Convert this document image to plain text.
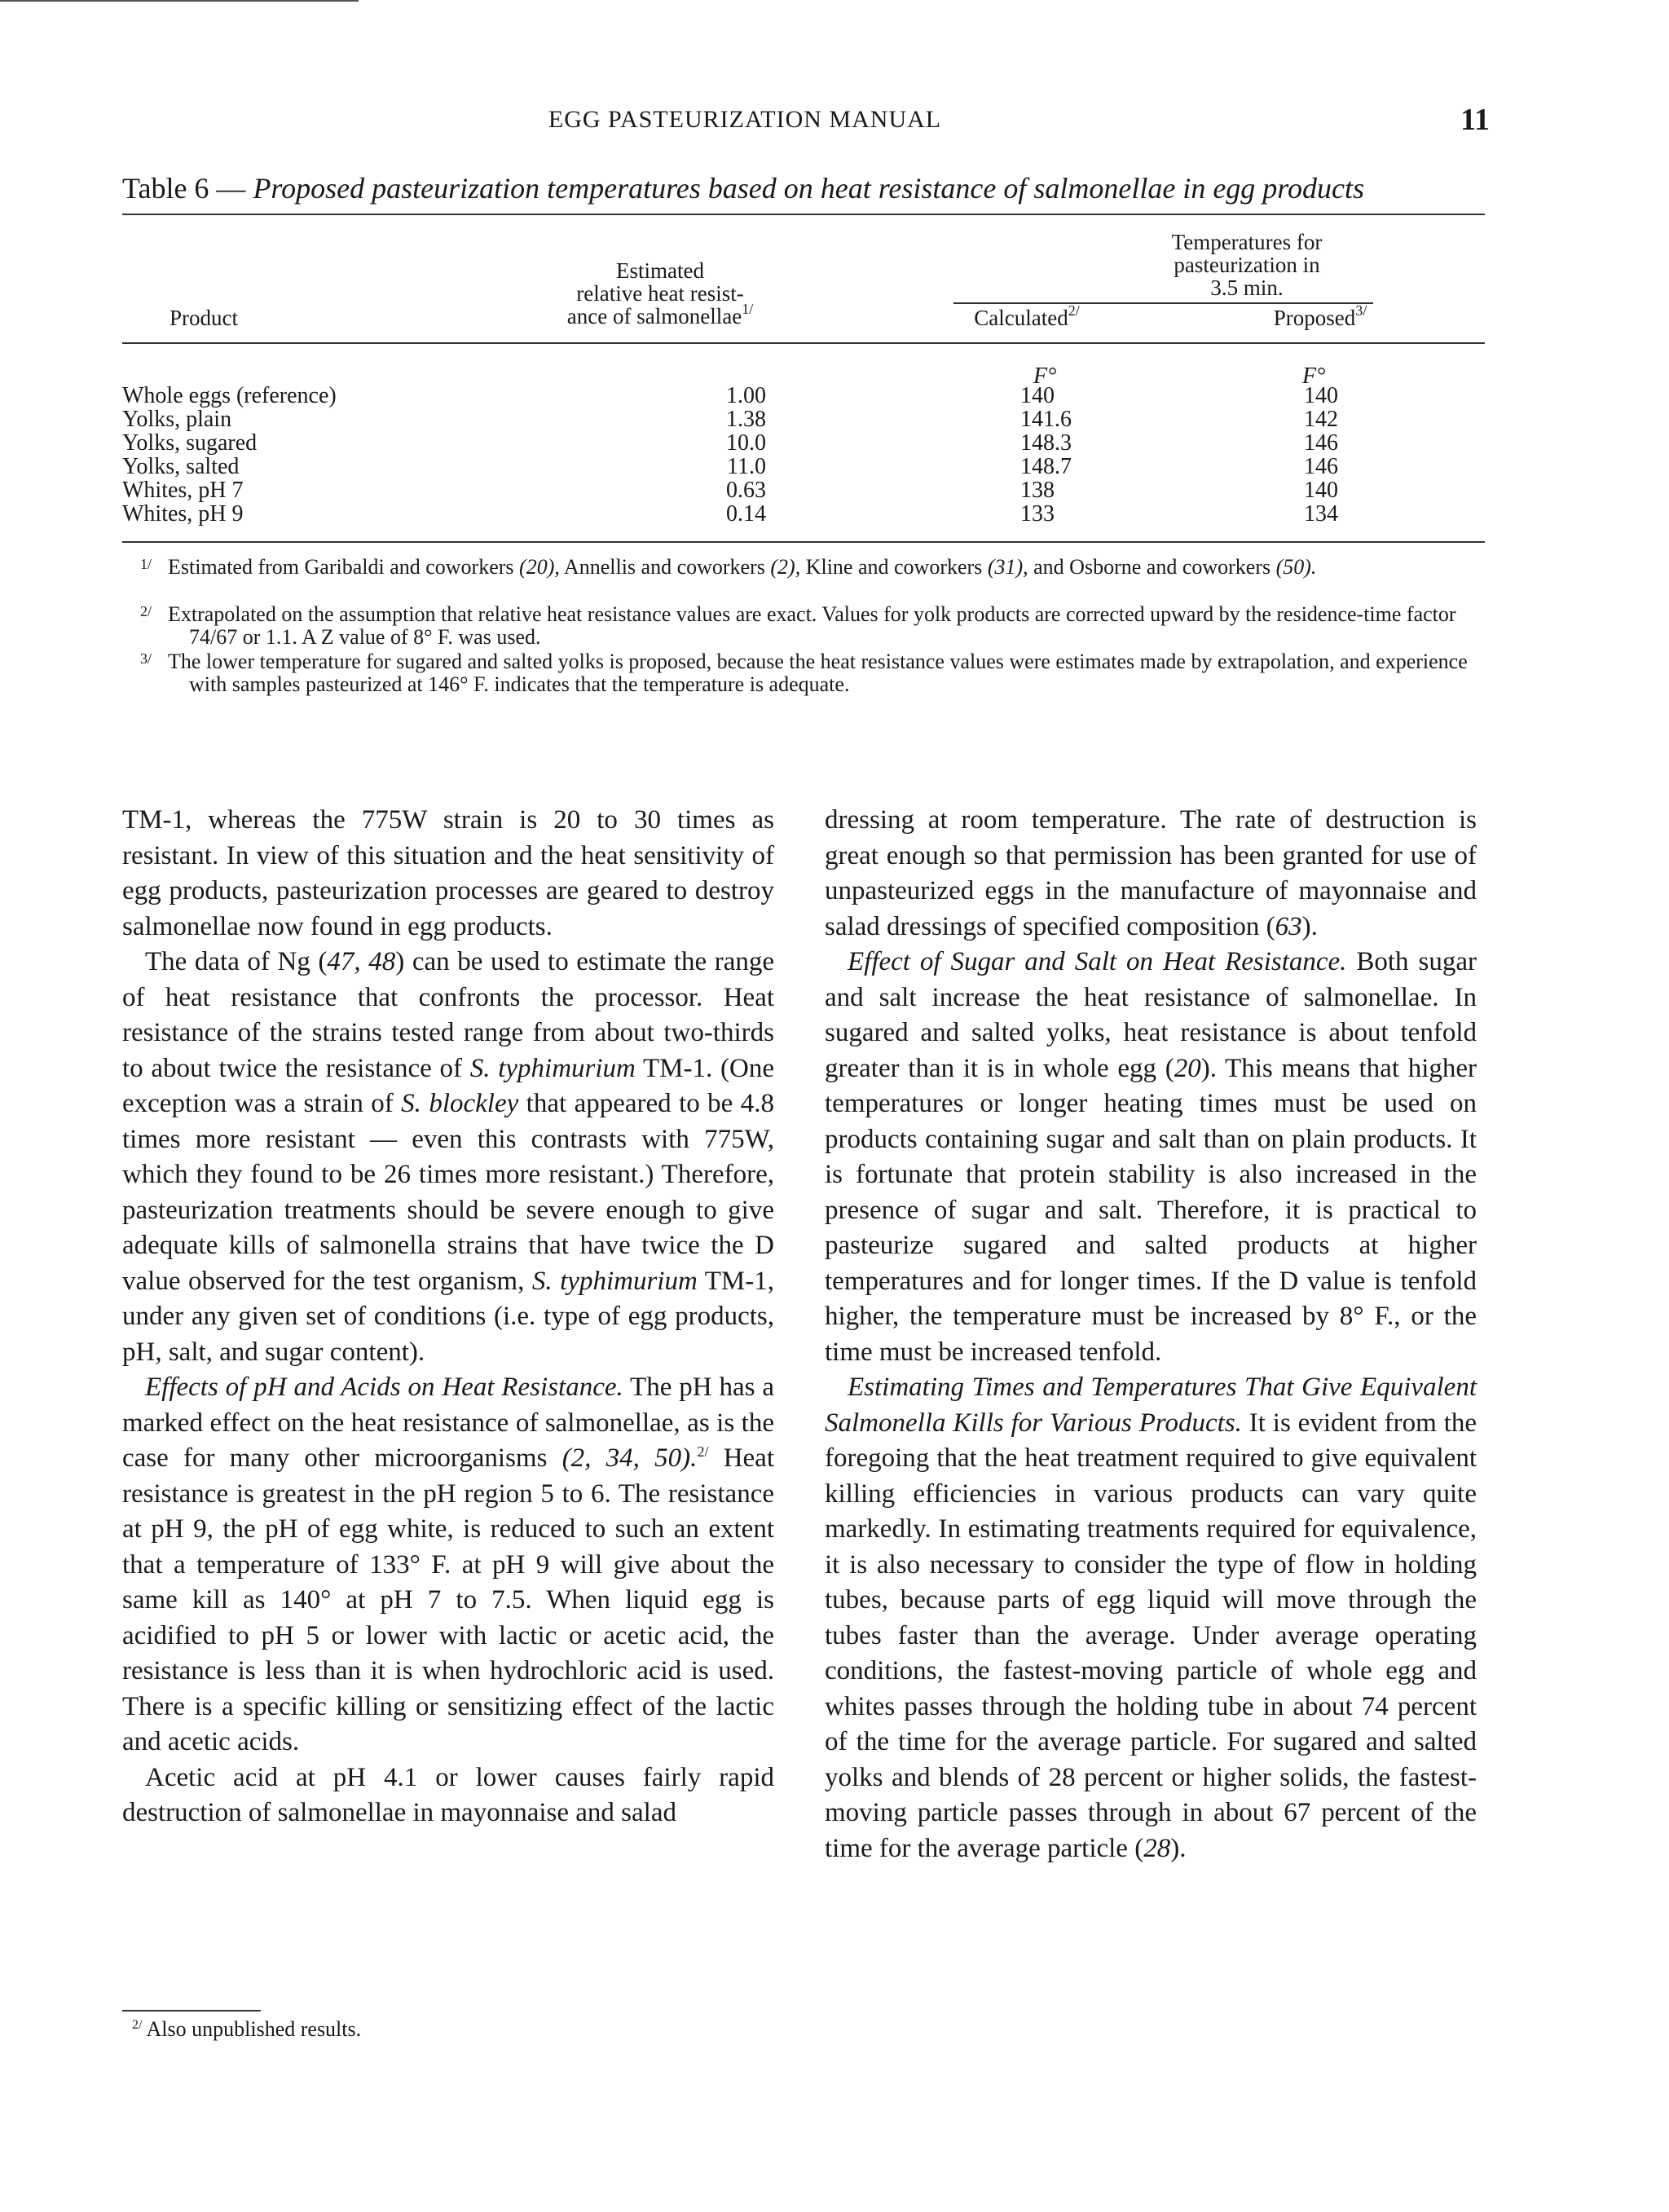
EGG PASTEURIZATION MANUAL	11
Table 6 — Proposed pasteurization temperatures based on heat resistance of salmonellae in egg products
Product
Estimated
relative heat resist-
ance of salmonellae$^{1/}$
Temperatures for
pasteurization in
3.5 min.
Calculated$^{2/}$	Proposed$^{3/}$
F°	F°
Whole eggs (reference)	1.00	140	140
Yolks, plain	1.38	141.6	142
Yolks, sugared	10.0	148.3	146
Yolks, salted	11.0	148.7	146
Whites, pH 7	0.63	138	140
Whites, pH 9	0.14	133	134
1/ Estimated from Garibaldi and coworkers (20), Annellis and coworkers (2), Kline and coworkers (31), and Osborne and coworkers (50).
2/ Extrapolated on the assumption that relative heat resistance values are exact. Values for yolk products are corrected upward by the residence-time factor 74/67 or 1.1. A Z value of 8° F. was used.
3/ The lower temperature for sugared and salted yolks is proposed, because the heat resistance values were estimates made by extrapolation, and experience with samples pasteurized at 146° F. indicates that the temperature is adequate.

TM-1, whereas the 775W strain is 20 to 30 times as resistant. In view of this situation and the heat sensitivity of egg products, pasteurization processes are geared to destroy salmonellae now found in egg products.

The data of Ng (47, 48) can be used to estimate the range of heat resistance that confronts the processor. Heat resistance of the strains tested range from about two-thirds to about twice the resistance of S. typhimurium TM-1. (One exception was a strain of S. blockley that appeared to be 4.8 times more resistant — even this contrasts with 775W, which they found to be 26 times more resistant.) Therefore, pasteurization treatments should be severe enough to give adequate kills of salmonella strains that have twice the D value observed for the test organism, S. typhimurium TM-1, under any given set of conditions (i.e. type of egg products, pH, salt, and sugar content).

Effects of pH and Acids on Heat Resistance. The pH has a marked effect on the heat resistance of salmonellae, as is the case for many other microorganisms (2, 34, 50).$^{2/}$ Heat resistance is greatest in the pH region 5 to 6. The resistance at pH 9, the pH of egg white, is reduced to such an extent that a temperature of 133° F. at pH 9 will give about the same kill as 140° at pH 7 to 7.5. When liquid egg is acidified to pH 5 or lower with lactic or acetic acid, the resistance is less than it is when hydrochloric acid is used. There is a specific killing or sensitizing effect of the lactic and acetic acids.

Acetic acid at pH 4.1 or lower causes fairly rapid destruction of salmonellae in mayonnaise and salad

$^{2/}$ Also unpublished results.

dressing at room temperature. The rate of destruction is great enough so that permission has been granted for use of unpasteurized eggs in the manufacture of mayonnaise and salad dressings of specified composition (63).

Effect of Sugar and Salt on Heat Resistance. Both sugar and salt increase the heat resistance of salmonellae. In sugared and salted yolks, heat resistance is about tenfold greater than it is in whole egg (20). This means that higher temperatures or longer heating times must be used on products containing sugar and salt than on plain products. It is fortunate that protein stability is also increased in the presence of sugar and salt. Therefore, it is practical to pasteurize sugared and salted products at higher temperatures and for longer times. If the D value is tenfold higher, the temperature must be increased by 8° F., or the time must be increased tenfold.

Estimating Times and Temperatures That Give Equivalent Salmonella Kills for Various Products. It is evident from the foregoing that the heat treatment required to give equivalent killing efficiencies in various products can vary quite markedly. In estimating treatments required for equivalence, it is also necessary to consider the type of flow in holding tubes, because parts of egg liquid will move through the tubes faster than the average. Under average operating conditions, the fastest-moving particle of whole egg and whites passes through the holding tube in about 74 percent of the time for the average particle. For sugared and salted yolks and blends of 28 percent or higher solids, the fastest-moving particle passes through in about 67 percent of the time for the average particle (28).
